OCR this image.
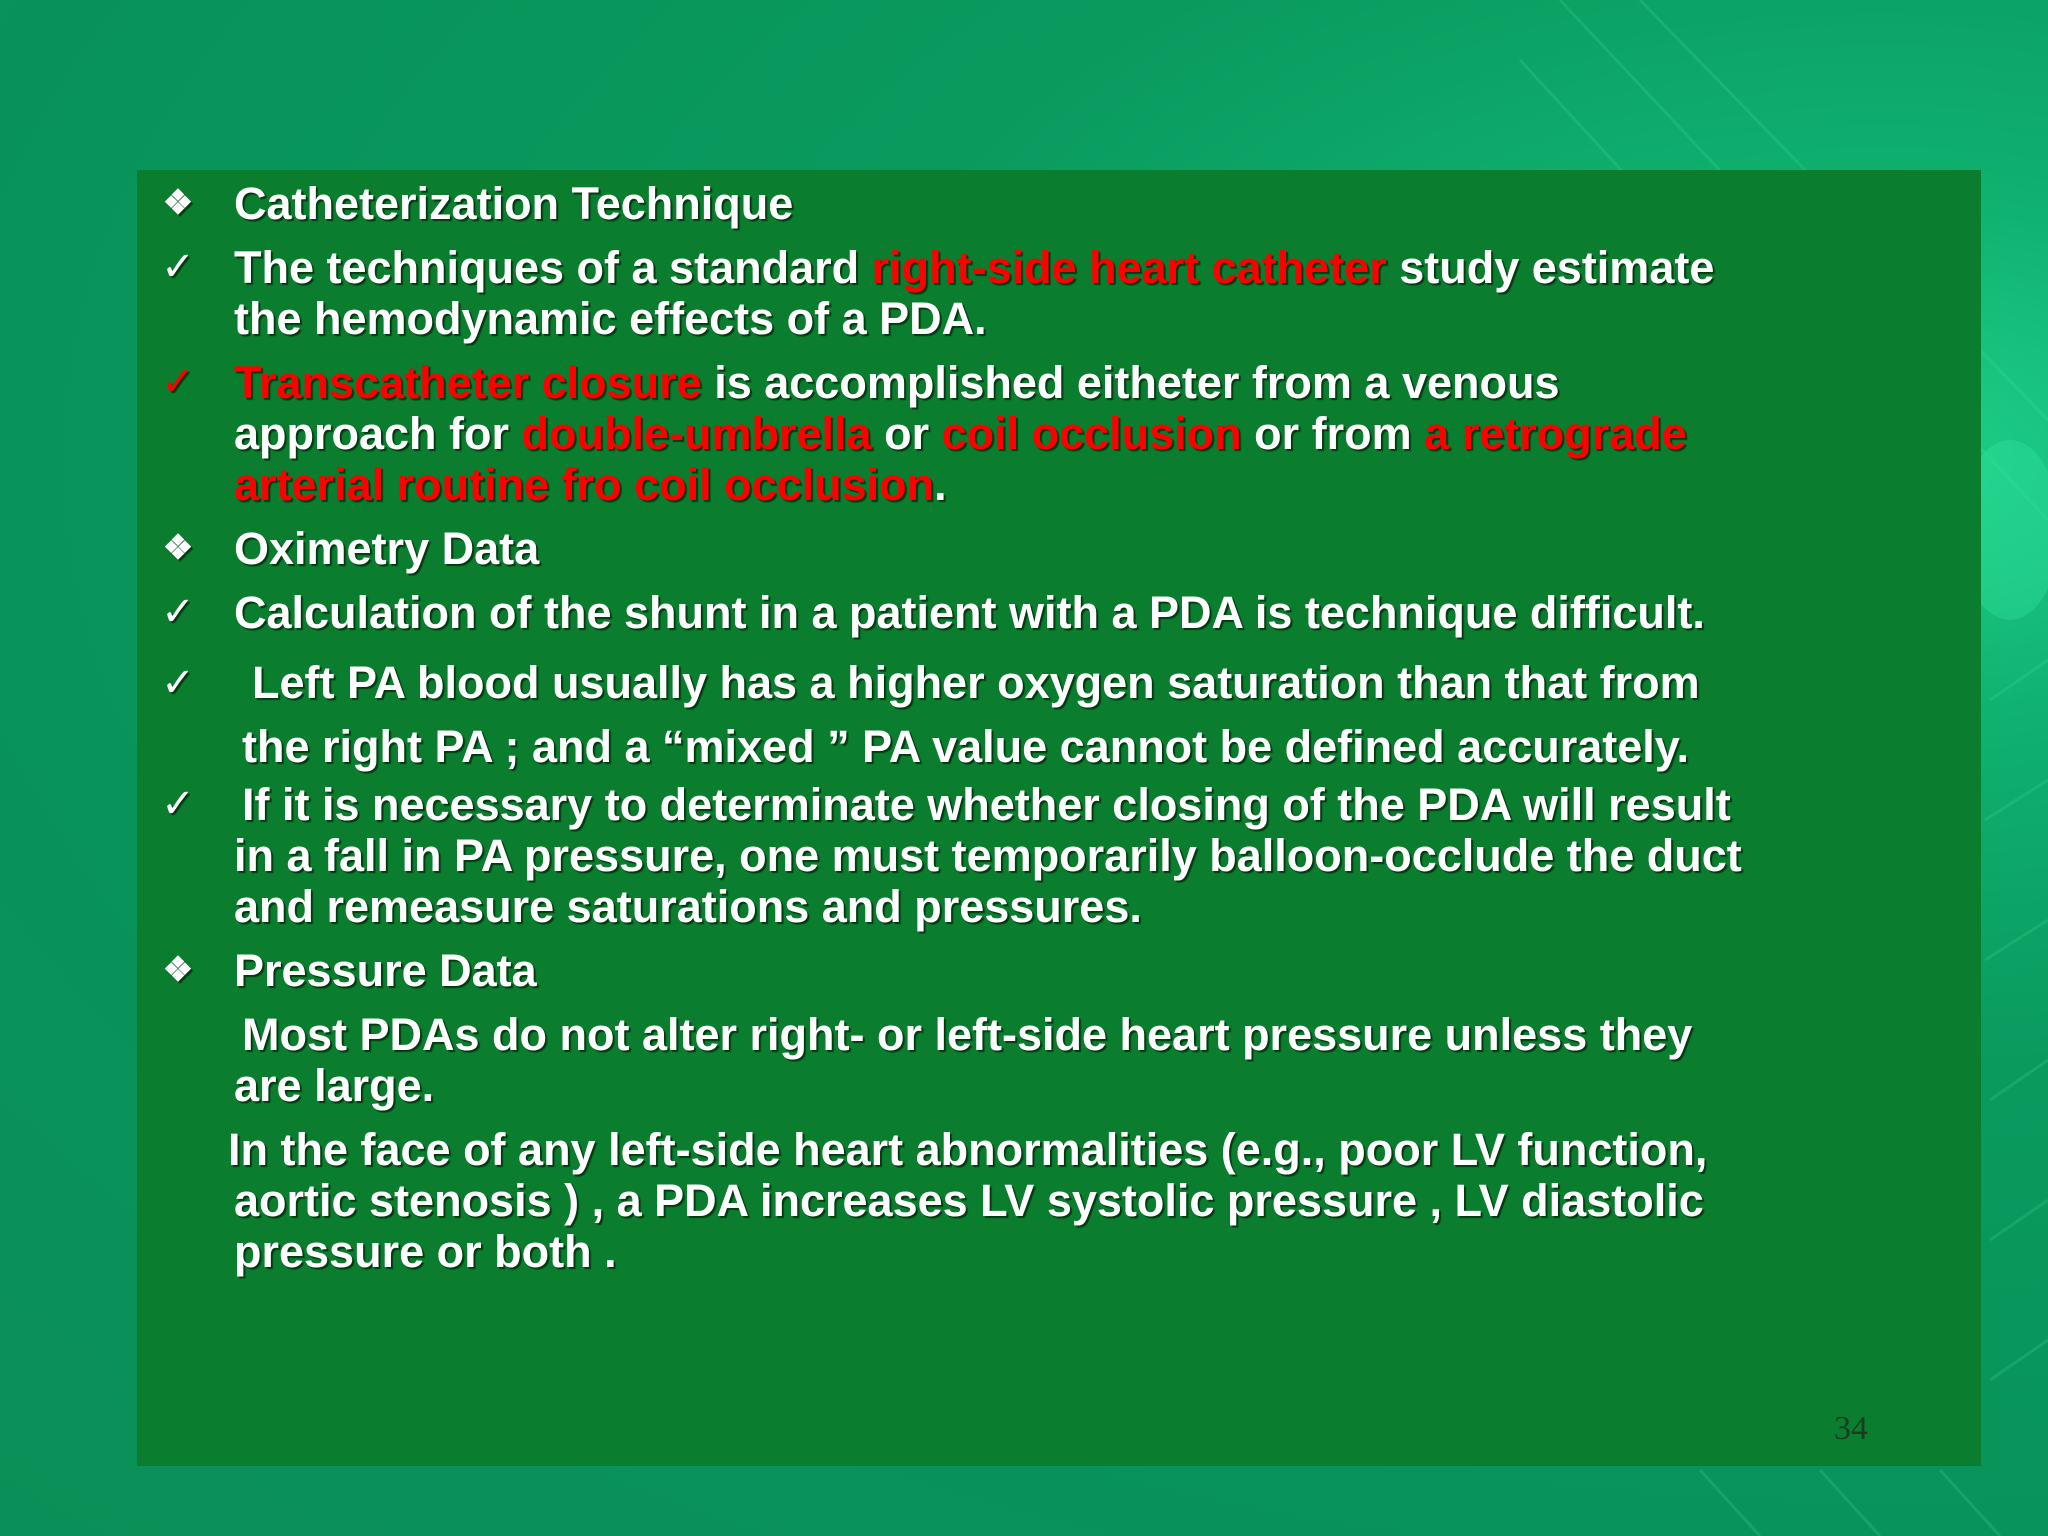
❖ Catheterization Technique
✓ The techniques of a standard right-side heart catheter study estimate
the hemodynamic effects of a PDA.
✓ Transcatheter closure is accomplished eitheter from a venous
approach for double-umbrella or coil occlusion or from a retrograde
arterial routine fro coil occlusion.
❖ Oximetry Data
✓ Calculation of the shunt in a patient with a PDA is technique difficult.
✓	Left PA blood usually has a higher oxygen saturation than that from
the right PA ; and a “mixed ” PA value cannot be defined accurately.
✓ If it is necessary to determinate whether closing of the PDA will result
in a fall in PA pressure, one must temporarily balloon-occlude the duct
and remeasure saturations and pressures.
❖ Pressure Data
Most PDAs do not alter right- or left-side heart pressure unless they
are large.
In the face of any left-side heart abnormalities (e.g., poor LV function,
aortic stenosis ) , a PDA increases LV systolic pressure , LV diastolic
pressure or both .
34
